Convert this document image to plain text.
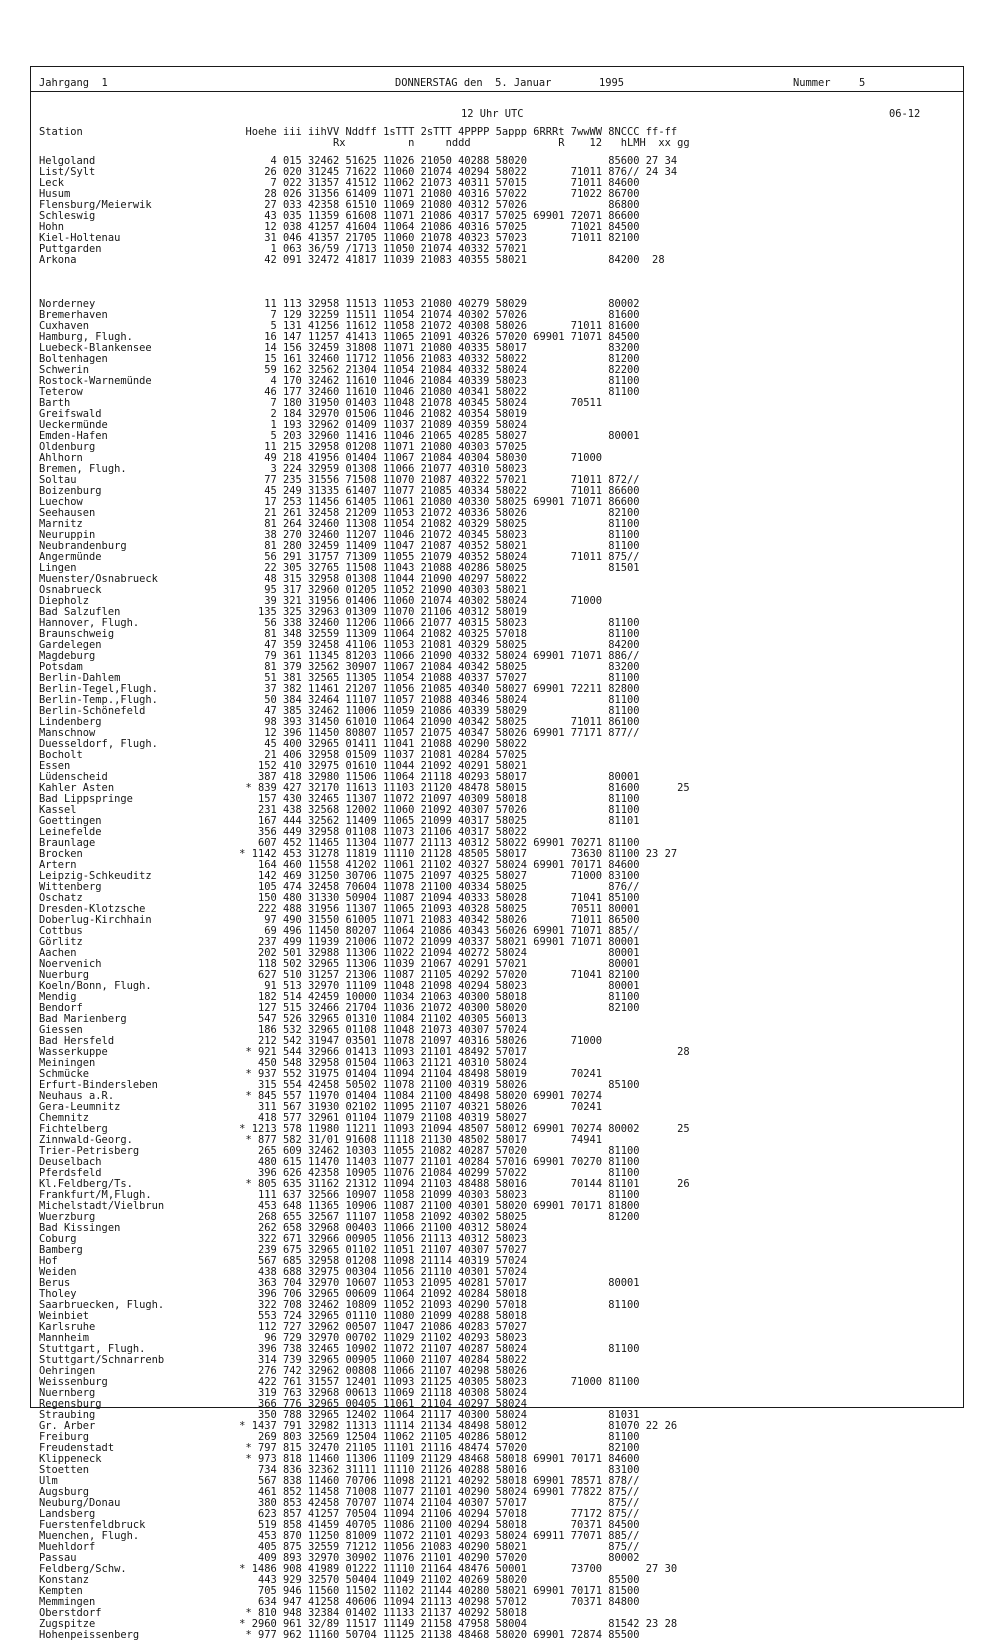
Jahrgang  1	DONNERSTAG den  5. Januar	1995	Nummer	5
12 Uhr UTC	06-12
Station                          Hoehe iii iihVV Nddff 1sTTT 2sTTT 4PPPP 5appp 6RRRt 7wwWW 8NCCC ff-ff
Rx          n     nddd              R    12   hLMH  xx gg
Helgoland                            4 015 32462 51625 11026 21050 40288 58020             85600 27 34
List/Sylt                           26 020 31245 71622 11060 21074 40294 58022       71011 876// 24 34
Leck                                 7 022 31357 41512 11062 21073 40311 57015       71011 84600
Husum                               28 026 31356 61409 11071 21080 40316 57022       71022 86700
Flensburg/Meierwik                  27 033 42358 61510 11069 21080 40312 57026             86800
Schleswig                           43 035 11359 61608 11071 21086 40317 57025 69901 72071 86600
Hohn                                12 038 41257 41604 11064 21086 40316 57025       71021 84500
Kiel-Holtenau                       31 046 41357 21705 11060 21078 40323 57023       71011 82100
Puttgarden                           1 063 36/59 /1713 11050 21074 40332 57021
Arkona                              42 091 32472 41817 11039 21083 40355 58021             84200  28
Norderney                           11 113 32958 11513 11053 21080 40279 58029             80002
Bremerhaven                          7 129 32259 11511 11054 21074 40302 57026             81600
Cuxhaven                             5 131 41256 11612 11058 21072 40308 58026       71011 81600
Hamburg, Flugh.                     16 147 11257 41413 11065 21091 40326 57020 69901 71071 84500
Luebeck-Blankensee                  14 156 32459 31808 11071 21080 40335 58017             83200
Boltenhagen                         15 161 32460 11712 11056 21083 40332 58022             81200
Schwerin                            59 162 32562 21304 11054 21084 40332 58024             82200
Rostock-Warnemünde                   4 170 32462 11610 11046 21084 40339 58023             81100
Teterow                             46 177 32460 11610 11046 21080 40341 58022             81100
Barth                                7 180 31950 01403 11048 21078 40345 58024       70511
Greifswald                           2 184 32970 01506 11046 21082 40354 58019
Ueckermünde                          1 193 32962 01409 11037 21089 40359 58024
Emden-Hafen                          5 203 32960 11416 11046 21065 40285 58027             80001
Oldenburg                           11 215 32958 01208 11071 21080 40303 57025
Ahlhorn                             49 218 41956 01404 11067 21084 40304 58030       71000
Bremen, Flugh.                       3 224 32959 01308 11066 21077 40310 58023
Soltau                              77 235 31556 71508 11070 21087 40322 57021       71011 872//
Boizenburg                          45 249 31335 61407 11077 21085 40334 58022       71011 86600
Luechow                             17 253 11456 61405 11061 21080 40330 58025 69901 71071 86600
Seehausen                           21 261 32458 21209 11053 21072 40336 58026             82100
Marnitz                             81 264 32460 11308 11054 21082 40329 58025             81100
Neuruppin                           38 270 32460 11207 11046 21072 40345 58023             81100
Neubrandenburg                      81 280 32459 11409 11047 21087 40352 58021             81100
Angermünde                          56 291 31757 71309 11055 21079 40352 58024       71011 875//
Lingen                              22 305 32765 11508 11043 21088 40286 58025             81501
Muenster/Osnabrueck                 48 315 32958 01308 11044 21090 40297 58022
Osnabrueck                          95 317 32960 01205 11052 21090 40303 58021
Diepholz                            39 321 31956 01406 11060 21074 40302 58024       71000
Bad Salzuflen                      135 325 32963 01309 11070 21106 40312 58019
Hannover, Flugh.                    56 338 32460 11206 11066 21077 40315 58023             81100
Braunschweig                        81 348 32559 11309 11064 21082 40325 57018             81100
Gardelegen                          47 359 32458 41106 11053 21081 40329 58025             84200
Magdeburg                           79 361 11345 81203 11066 21090 40332 58024 69901 71071 886//
Potsdam                             81 379 32562 30907 11067 21084 40342 58025             83200
Berlin-Dahlem                       51 381 32565 11305 11054 21088 40337 57027             81100
Berlin-Tegel,Flugh.                 37 382 11461 21207 11056 21085 40340 58027 69901 72211 82800
Berlin-Temp.,Flugh.                 50 384 32464 11107 11057 21088 40346 58024             81100
Berlin-Schönefeld                   47 385 32462 11006 11059 21086 40339 58029             81100
Lindenberg                          98 393 31450 61010 11064 21090 40342 58025       71011 86100
Manschnow                           12 396 11450 80807 11057 21075 40347 58026 69901 77171 877//
Duesseldorf, Flugh.                 45 400 32965 01411 11041 21088 40290 58022
Bocholt                             21 406 32958 01509 11037 21081 40284 57025
Essen                              152 410 32975 01610 11044 21092 40291 58021
Lüdenscheid                        387 418 32980 11506 11064 21118 40293 58017             80001
Kahler Asten                     * 839 427 32170 11613 11103 21120 48478 58015             81600      25
Bad Lippspringe                    157 430 32465 11307 11072 21097 40309 58018             81100
Kassel                             231 438 32568 12002 11060 21092 40307 57026             81100
Goettingen                         167 444 32562 11409 11065 21099 40317 58025             81101
Leinefelde                         356 449 32958 01108 11073 21106 40317 58022
Braunlage                          607 452 11465 11304 11077 21113 40312 58022 69901 70271 81100
Brocken                         * 1142 453 31278 11819 11110 21128 48505 58017       73630 81100 23 27
Artern                             164 460 11558 41202 11061 21102 40327 58024 69901 70171 84600
Leipzig-Schkeuditz                 142 469 31250 30706 11075 21097 40325 58027       71000 83100
Wittenberg                         105 474 32458 70604 11078 21100 40334 58025             876//
Oschatz                            150 480 31330 50904 11087 21094 40333 58028       71041 85100
Dresden-Klotzsche                  222 488 31956 11307 11065 21093 40328 58025       70511 80001
Doberlug-Kirchhain                  97 490 31550 61005 11071 21083 40342 58026       71011 86500
Cottbus                             69 496 11450 80207 11064 21086 40343 56026 69901 71071 885//
Görlitz                            237 499 11939 21006 11072 21099 40337 58021 69901 71071 80001
Aachen                             202 501 32988 11306 11022 21094 40272 58024             80001
Noervenich                         118 502 32965 11306 11039 21067 40291 57021             80001
Nuerburg                           627 510 31257 21306 11087 21105 40292 57020       71041 82100
Koeln/Bonn, Flugh.                  91 513 32970 11109 11048 21098 40294 58023             80001
Mendig                             182 514 42459 10000 11034 21063 40300 58018             81100
Bendorf                            127 515 32466 21704 11036 21072 40300 58020             82100
Bad Marienberg                     547 526 32965 01310 11084 21102 40305 56013
Giessen                            186 532 32965 01108 11048 21073 40307 57024
Bad Hersfeld                       212 542 31947 03501 11078 21097 40316 58026       71000
Wasserkuppe                      * 921 544 32966 01413 11093 21101 48492 57017                        28
Meiningen                          450 548 32958 01504 11063 21121 40310 58024
Schmücke                         * 937 552 31975 01404 11094 21104 48498 58019       70241
Erfurt-Bindersleben                315 554 42458 50502 11078 21100 40319 58026             85100
Neuhaus a.R.                     * 845 557 11970 01404 11084 21100 48498 58020 69901 70274
Gera-Leumnitz                      311 567 31930 02102 11095 21107 40321 58026       70241
Chemnitz                           418 577 32961 01104 11079 21108 40319 58027
Fichtelberg                     * 1213 578 11980 11211 11093 21094 48507 58012 69901 70274 80002      25
Zinnwald-Georg.                  * 877 582 31/01 91608 11118 21130 48502 58017       74941
Trier-Petrisberg                   265 609 32462 10303 11055 21082 40287 57020             81100
Deuselbach                         480 615 11470 11403 11077 21101 40284 57016 69901 70270 81100
Pferdsfeld                         396 626 42358 10905 11076 21084 40299 57022             81100
Kl.Feldberg/Ts.                  * 805 635 31162 21312 11094 21103 48488 58016       70144 81101      26
Frankfurt/M,Flugh.                 111 637 32566 10907 11058 21099 40303 58023             81100
Michelstadt/Vielbrun               453 648 11365 10906 11087 21100 40301 58020 69901 70171 81800
Wuerzburg                          268 655 32567 11107 11058 21092 40302 58025             81200
Bad Kissingen                      262 658 32968 00403 11066 21100 40312 58024
Coburg                             322 671 32966 00905 11056 21113 40312 58023
Bamberg                            239 675 32965 01102 11051 21107 40307 57027
Hof                                567 685 32958 01208 11098 21114 40319 57024
Weiden                             438 688 32975 00304 11056 21110 40301 57024
Berus                              363 704 32970 10607 11053 21095 40281 57017             80001
Tholey                             396 706 32965 00609 11064 21092 40284 58018
Saarbruecken, Flugh.               322 708 32462 10809 11052 21093 40290 57018             81100
Weinbiet                           553 724 32965 01110 11080 21099 40288 58018
Karlsruhe                          112 727 32962 00507 11047 21086 40283 57027
Mannheim                            96 729 32970 00702 11029 21102 40293 58023
Stuttgart, Flugh.                  396 738 32465 10902 11072 21107 40287 58024             81100
Stuttgart/Schnarrenb               314 739 32965 00905 11060 21107 40284 58022
Oehringen                          276 742 32962 00808 11066 21107 40298 58026
Weissenburg                        422 761 31557 12401 11093 21125 40305 58023       71000 81100
Nuernberg                          319 763 32968 00613 11069 21118 40308 58024
Regensburg                         366 776 32965 00405 11061 21104 40297 58024
Straubing                          350 788 32965 12402 11064 21117 40300 58024             81031
Gr. Arber                       * 1437 791 32982 11313 11114 21134 48498 58012             81070 22 26
Freiburg                           269 803 32569 12504 11062 21105 40286 58012             81100
Freudenstadt                     * 797 815 32470 21105 11101 21116 48474 57020             82100
Klippeneck                       * 973 818 11460 11306 11109 21129 48468 58018 69901 70171 84600
Stoetten                           734 836 32362 31111 11110 21126 40288 58016             83100
Ulm                                567 838 11460 70706 11098 21121 40292 58018 69901 78571 878//
Augsburg                           461 852 11458 71008 11077 21101 40290 58024 69901 77822 875//
Neuburg/Donau                      380 853 42458 70707 11074 21104 40307 57017             875//
Landsberg                          623 857 41257 70504 11094 21106 40294 57018       77172 875//
Fuerstenfeldbruck                  519 858 41459 40705 11086 21100 40294 58018       70371 84500
Muenchen, Flugh.                   453 870 11250 81009 11072 21101 40293 58024 69911 77071 885//
Muehldorf                          405 875 32559 71212 11056 21083 40290 58021             875//
Passau                             409 893 32970 30902 11076 21101 40290 57020             80002
Feldberg/Schw.                  * 1486 908 41989 01222 11110 21164 48476 50001       73700       27 30
Konstanz                           443 929 32570 50404 11049 21102 40269 58020             85500
Kempten                            705 946 11560 11502 11102 21144 40280 58021 69901 70171 81500
Memmingen                          634 947 41258 40606 11094 21113 40298 57012       70371 84800
Oberstdorf                       * 810 948 32384 01402 11133 21137 40292 58018
Zugspitze                       * 2960 961 32/89 11517 11149 21158 47958 58004             81542 23 28
Hohenpeissenberg                 * 977 962 11160 50704 11125 21138 48468 58020 69901 72874 85500
